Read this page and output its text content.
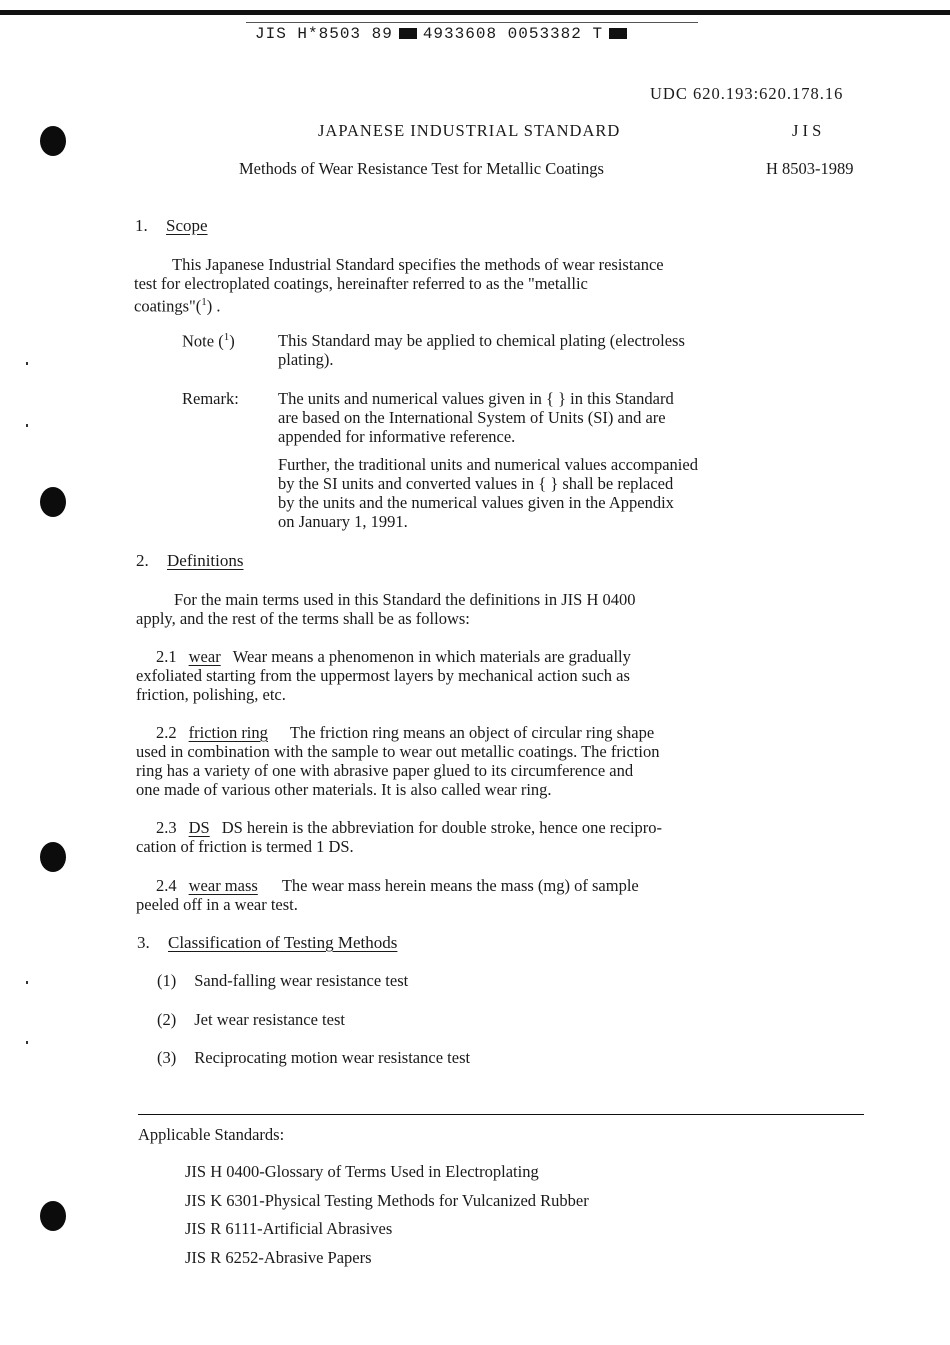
JIS H*8503 89 4933608 0053382 T
UDC 620.193:620.178.16
JAPANESE INDUSTRIAL STANDARD	J I S
Methods of Wear Resistance Test for Metallic Coatings	H 8503-1989
1. Scope
This Japanese Industrial Standard specifies the methods of wear resistance
test for electroplated coatings, hereinafter referred to as the "metallic
coatings"($^1$) .
Note ($^1$)	This Standard may be applied to chemical plating (electroless
plating).
Remark: The units and numerical values given in { } in this Standard
are based on the International System of Units (SI) and are
appended for informative reference.
Further, the traditional units and numerical values accompanied
by the SI units and converted values in { } shall be replaced
by the units and the numerical values given in the Appendix
on January 1, 1991.
2. Definitions
For the main terms used in this Standard the definitions in JIS H 0400
apply, and the rest of the terms shall be as follows:
2.1 wear Wear means a phenomenon in which materials are gradually
exfoliated starting from the uppermost layers by mechanical action such as
friction, polishing, etc.
2.2 friction ring The friction ring means an object of circular ring shape
used in combination with the sample to wear out metallic coatings. The friction
ring has a variety of one with abrasive paper glued to its circumference and
one made of various other materials. It is also called wear ring.
2.3 DS DS herein is the abbreviation for double stroke, hence one recipro-
cation of friction is termed 1 DS.
2.4 wear mass The wear mass herein means the mass (mg) of sample
peeled off in a wear test.
3. Classification of Testing Methods
(1) Sand-falling wear resistance test
(2) Jet wear resistance test
(3) Reciprocating motion wear resistance test
Applicable Standards:
JIS H 0400-Glossary of Terms Used in Electroplating
JIS K 6301-Physical Testing Methods for Vulcanized Rubber
JIS R 6111-Artificial Abrasives
JIS R 6252-Abrasive Papers
